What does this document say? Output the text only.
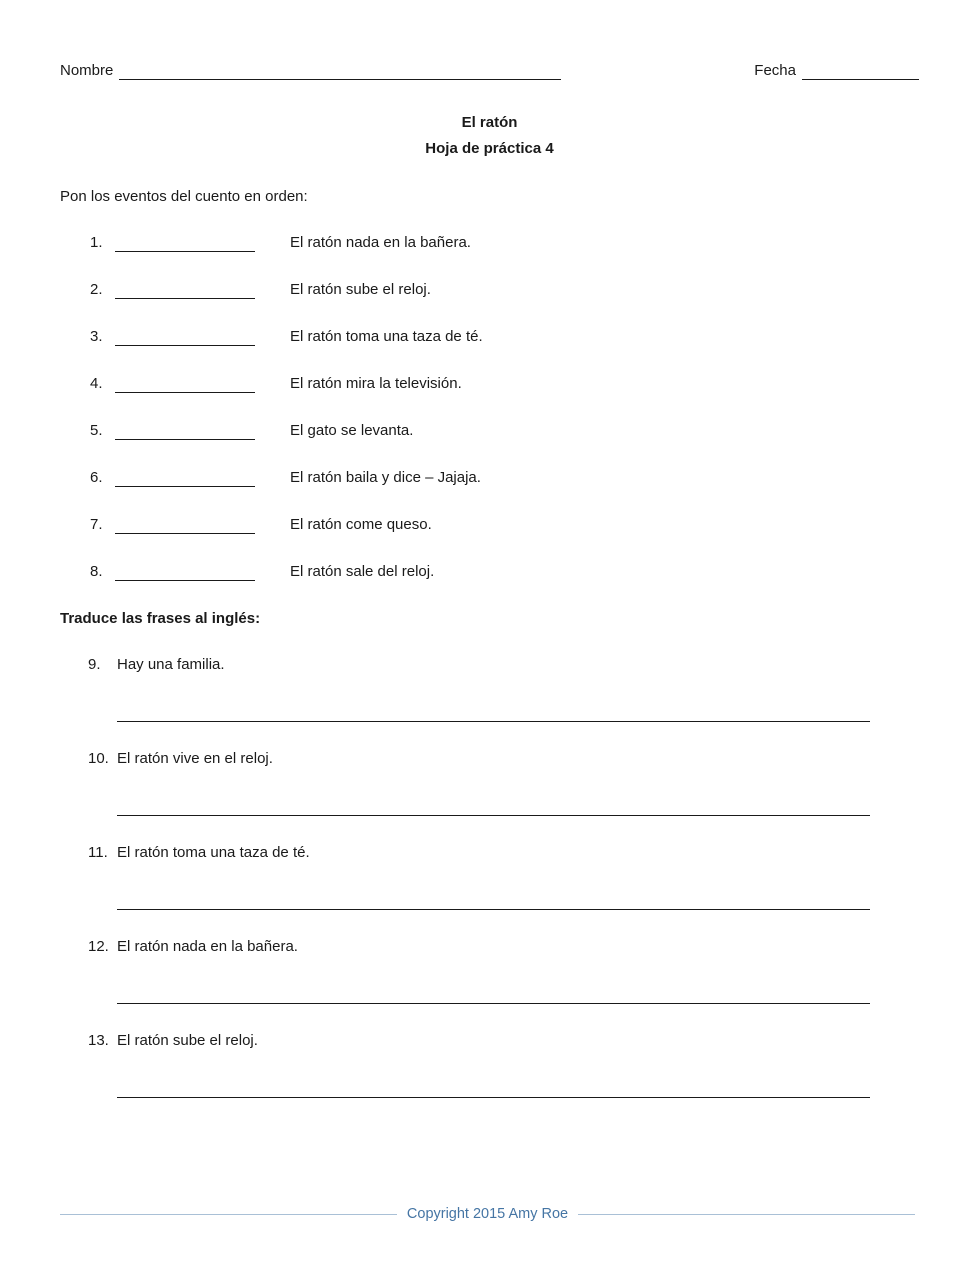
Nombre	Fecha
El ratón
Hoja de práctica 4
Pon los eventos del cuento en orden:
1.	El ratón nada en la bañera.
2.	El ratón sube el reloj.
3.	El ratón toma una taza de té.
4.	El ratón mira la televisión.
5.	El gato se levanta.
6.	El ratón baila y dice – Jajaja.
7.	El ratón come queso.
8.	El ratón sale del reloj.
Traduce las frases al inglés:
9.	Hay una familia.
10. El ratón vive en el reloj.
11. El ratón toma una taza de té.
12. El ratón nada en la bañera.
13. El ratón sube el reloj.
Copyright 2015 Amy Roe
